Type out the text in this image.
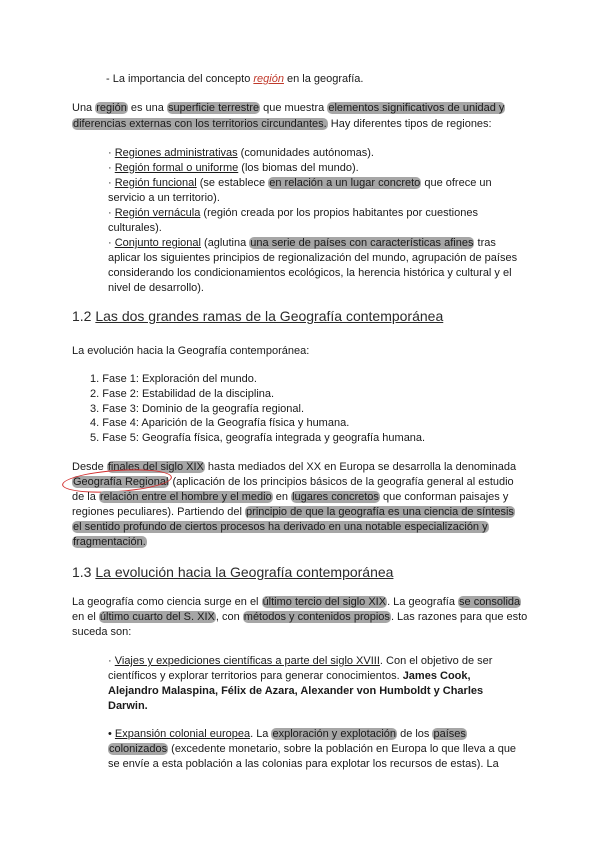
- La importancia del concepto región en la geografía.
Una región es una superficie terrestre que muestra elementos significativos de unidad y
diferencias externas con los territorios circundantes. Hay diferentes tipos de regiones:
· Regiones administrativas (comunidades autónomas).
· Región formal o uniforme (los biomas del mundo).
· Región funcional (se establece en relación a un lugar concreto que ofrece un
servicio a un territorio).
· Región vernácula (región creada por los propios habitantes por cuestiones
culturales).
· Conjunto regional (aglutina una serie de países con características afines tras
aplicar los siguientes principios de regionalización del mundo, agrupación de países
considerando los condicionamientos ecológicos, la herencia histórica y cultural y el
nivel de desarrollo).
1.2 Las dos grandes ramas de la Geografía contemporánea
La evolución hacia la Geografía contemporánea:
1. Fase 1: Exploración del mundo.
2. Fase 2: Estabilidad de la disciplina.
3. Fase 3: Dominio de la geografía regional.
4. Fase 4: Aparición de la Geografía física y humana.
5. Fase 5: Geografía física, geografía integrada y geografía humana.
Desde finales del siglo XIX hasta mediados del XX en Europa se desarrolla la denominada
Geografía Regional (aplicación de los principios básicos de la geografía general al estudio
de la relación entre el hombre y el medio en lugares concretos que conforman paisajes y
regiones peculiares). Partiendo del principio de que la geografía es una ciencia de síntesis
el sentido profundo de ciertos procesos ha derivado en una notable especialización y
fragmentación.
1.3 La evolución hacia la Geografía contemporánea
La geografía como ciencia surge en el último tercio del siglo XIX. La geografía se consolida
en el último cuarto del S. XIX, con métodos y contenidos propios. Las razones para que esto
suceda son:
· Viajes y expediciones científicas a parte del siglo XVIII. Con el objetivo de ser
científicos y explorar territorios para generar conocimientos. James Cook,
Alejandro Malaspina, Félix de Azara, Alexander von Humboldt y Charles
Darwin.
• Expansión colonial europea. La exploración y explotación de los países
colonizados (excedente monetario, sobre la población en Europa lo que lleva a que
se envíe a esta población a las colonias para explotar los recursos de estas). La
